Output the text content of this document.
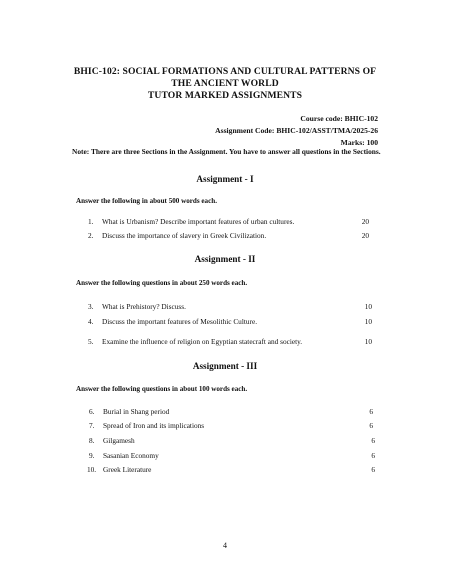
BHIC-102: SOCIAL FORMATIONS AND CULTURAL PATTERNS OF
THE ANCIENT WORLD
TUTOR MARKED ASSIGNMENTS
Course code: BHIC-102
Assignment Code: BHIC-102/ASST/TMA/2025-26
Marks: 100
Note: There are three Sections in the Assignment. You have to answer all questions in the Sections.
Assignment - I
Answer the following in about 500 words each.
1. What is Urbanism? Describe important features of urban cultures.	20
2. Discuss the importance of slavery in Greek Civilization.	20
Assignment - II
Answer the following questions in about 250 words each.
3. What is Prehistory? Discuss.	10
4. Discuss the important features of Mesolithic Culture.	10
5. Examine the influence of religion on Egyptian statecraft and society.	10
Assignment - III
Answer the following questions in about 100 words each.
6. Burial in Shang period	6
7. Spread of Iron and its implications	6
8. Gilgamesh	6
9. Sasanian Economy	6
10. Greek Literature	6
4
